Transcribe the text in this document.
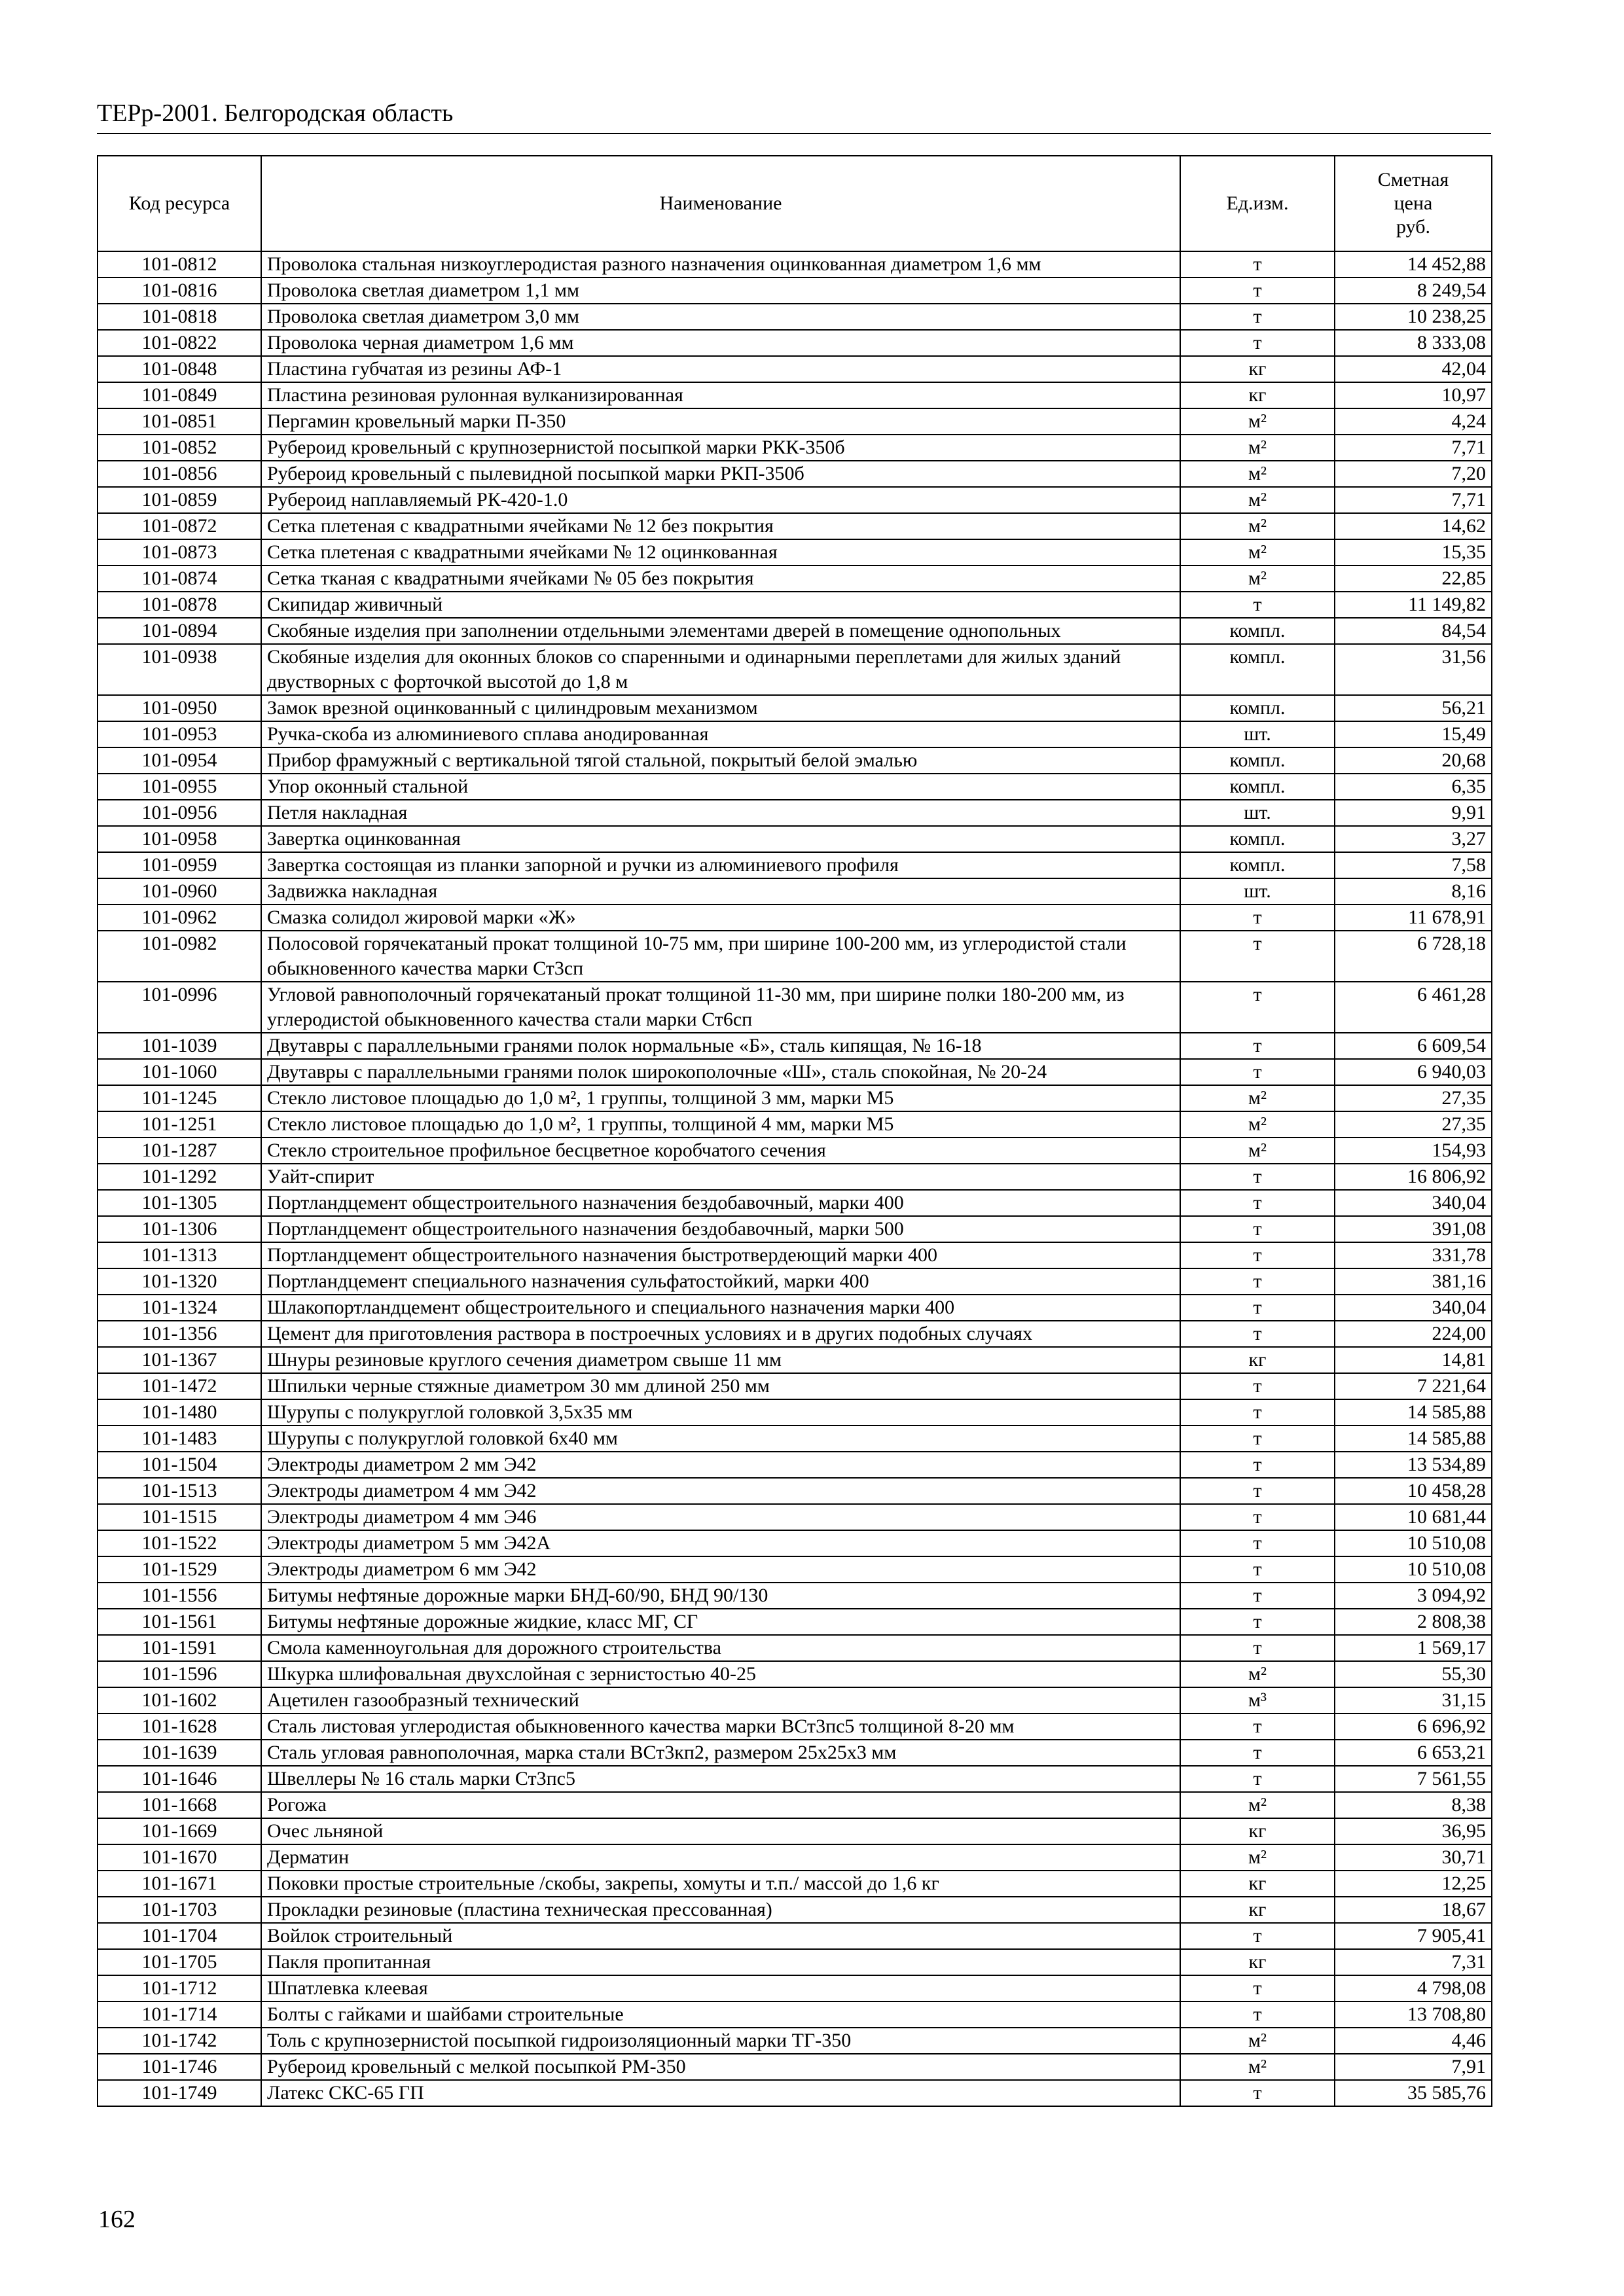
ТЕРр-2001. Белгородская область
Код ресурса	Наименование	Ед.изм.	Сметная
цена
руб.

101-0812	Проволока стальная низкоуглеродистая разного назначения оцинкованная диаметром 1,6 мм	т	14 452,88
101-0816	Проволока светлая диаметром 1,1 мм	т	8 249,54
101-0818	Проволока светлая диаметром 3,0 мм	т	10 238,25
101-0822	Проволока черная диаметром 1,6 мм	т	8 333,08
101-0848	Пластина губчатая из резины АФ-1	кг	42,04
101-0849	Пластина резиновая рулонная вулканизированная	кг	10,97
101-0851	Пергамин кровельный марки П-350	м²	4,24
101-0852	Рубероид кровельный с крупнозернистой посыпкой марки РКК-350б	м²	7,71
101-0856	Рубероид кровельный с пылевидной посыпкой марки РКП-350б	м²	7,20
101-0859	Рубероид наплавляемый РК-420-1.0	м²	7,71
101-0872	Сетка плетеная с квадратными ячейками № 12 без покрытия	м²	14,62
101-0873	Сетка плетеная с квадратными ячейками № 12 оцинкованная	м²	15,35
101-0874	Сетка тканая с квадратными ячейками № 05 без покрытия	м²	22,85
101-0878	Скипидар живичный	т	11 149,82
101-0894	Скобяные изделия при заполнении отдельными элементами дверей в помещение однопольных	компл.	84,54
101-0938	Скобяные изделия для оконных блоков со спаренными и одинарными переплетами для жилых зданий двустворных с форточкой высотой до 1,8 м	компл.	31,56
101-0950	Замок врезной оцинкованный с цилиндровым механизмом	компл.	56,21
101-0953	Ручка-скоба из алюминиевого сплава анодированная	шт.	15,49
101-0954	Прибор фрамужный с вертикальной тягой стальной, покрытый белой эмалью	компл.	20,68
101-0955	Упор оконный стальной	компл.	6,35
101-0956	Петля накладная	шт.	9,91
101-0958	Завертка оцинкованная	компл.	3,27
101-0959	Завертка состоящая из планки запорной и ручки из алюминиевого профиля	компл.	7,58
101-0960	Задвижка накладная	шт.	8,16
101-0962	Смазка солидол жировой марки «Ж»	т	11 678,91
101-0982	Полосовой горячекатаный прокат толщиной 10-75 мм, при ширине 100-200 мм, из углеродистой стали обыкновенного качества марки Ст3сп	т	6 728,18
101-0996	Угловой равнополочный горячекатаный прокат толщиной 11-30 мм, при ширине полки 180-200 мм, из углеродистой обыкновенного качества стали марки Ст6сп	т	6 461,28
101-1039	Двутавры с параллельными гранями полок нормальные «Б», сталь кипящая, № 16-18	т	6 609,54
101-1060	Двутавры с параллельными гранями полок широкополочные «Ш», сталь спокойная, № 20-24	т	6 940,03
101-1245	Стекло листовое площадью до 1,0 м², 1 группы, толщиной 3 мм, марки М5	м²	27,35
101-1251	Стекло листовое площадью до 1,0 м², 1 группы, толщиной 4 мм, марки М5	м²	27,35
101-1287	Стекло строительное профильное бесцветное коробчатого сечения	м²	154,93
101-1292	Уайт-спирит	т	16 806,92
101-1305	Портландцемент общестроительного назначения бездобавочный, марки 400	т	340,04
101-1306	Портландцемент общестроительного назначения бездобавочный, марки 500	т	391,08
101-1313	Портландцемент общестроительного назначения быстротвердеющий марки 400	т	331,78
101-1320	Портландцемент специального назначения сульфатостойкий, марки 400	т	381,16
101-1324	Шлакопортландцемент общестроительного и специального назначения марки 400	т	340,04
101-1356	Цемент для приготовления раствора в построечных условиях и в других подобных случаях	т	224,00
101-1367	Шнуры резиновые круглого сечения диаметром свыше 11 мм	кг	14,81
101-1472	Шпильки черные стяжные диаметром 30 мм длиной 250 мм	т	7 221,64
101-1480	Шурупы с полукруглой головкой 3,5х35 мм	т	14 585,88
101-1483	Шурупы с полукруглой головкой 6х40 мм	т	14 585,88
101-1504	Электроды диаметром 2 мм Э42	т	13 534,89
101-1513	Электроды диаметром 4 мм Э42	т	10 458,28
101-1515	Электроды диаметром 4 мм Э46	т	10 681,44
101-1522	Электроды диаметром 5 мм Э42А	т	10 510,08
101-1529	Электроды диаметром 6 мм Э42	т	10 510,08
101-1556	Битумы нефтяные дорожные марки БНД-60/90, БНД 90/130	т	3 094,92
101-1561	Битумы нефтяные дорожные жидкие, класс МГ, СГ	т	2 808,38
101-1591	Смола каменноугольная для дорожного строительства	т	1 569,17
101-1596	Шкурка шлифовальная двухслойная с зернистостью 40-25	м²	55,30
101-1602	Ацетилен газообразный технический	м³	31,15
101-1628	Сталь листовая углеродистая обыкновенного качества марки ВСт3пс5 толщиной 8-20 мм	т	6 696,92
101-1639	Сталь угловая равнополочная, марка стали ВСт3кп2, размером 25х25х3 мм	т	6 653,21
101-1646	Швеллеры № 16 сталь марки Ст3пс5	т	7 561,55
101-1668	Рогожа	м²	8,38
101-1669	Очес льняной	кг	36,95
101-1670	Дерматин	м²	30,71
101-1671	Поковки простые строительные /скобы, закрепы, хомуты и т.п./ массой до 1,6 кг	кг	12,25
101-1703	Прокладки резиновые (пластина техническая прессованная)	кг	18,67
101-1704	Войлок строительный	т	7 905,41
101-1705	Пакля пропитанная	кг	7,31
101-1712	Шпатлевка клеевая	т	4 798,08
101-1714	Болты с гайками и шайбами строительные	т	13 708,80
101-1742	Толь с крупнозернистой посыпкой гидроизоляционный марки ТГ-350	м²	4,46
101-1746	Рубероид кровельный с мелкой посыпкой РМ-350	м²	7,91
101-1749	Латекс СКС-65 ГП	т	35 585,76
162
